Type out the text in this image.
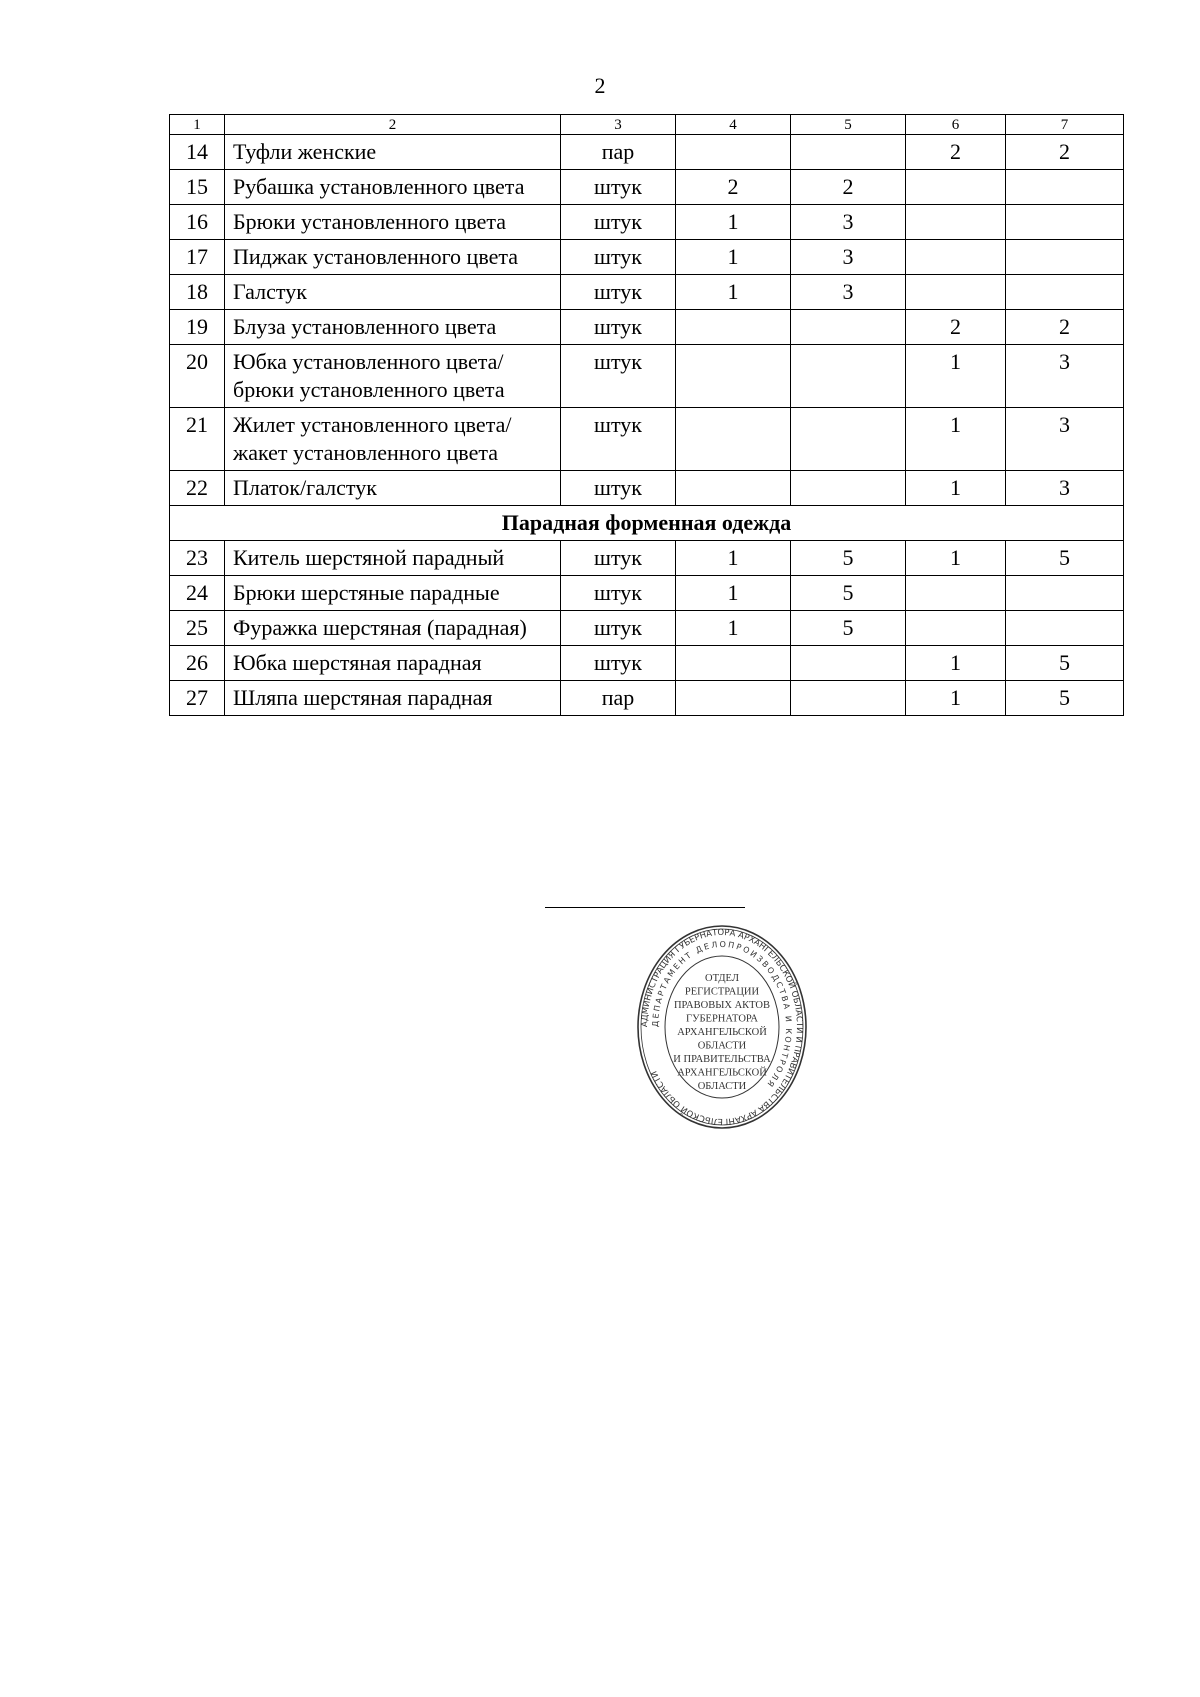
2
1	2	3	4	5	6	7
14	Туфли женские	пар			2	2
15	Рубашка установленного цвета	штук	2	2		
16	Брюки установленного цвета	штук	1	3		
17	Пиджак установленного цвета	штук	1	3		
18	Галстук	штук	1	3		
19	Блуза установленного цвета	штук			2	2
20	Юбка установленного цвета/брюки установленного цвета	штук			1	3
21	Жилет установленного цвета/жакет установленного цвета	штук			1	3
22	Платок/галстук	штук			1	3
Парадная форменная одежда						
23	Китель шерстяной парадный	штук	1	5	1	5
24	Брюки шерстяные парадные	штук	1	5		
25	Фуражка шерстяная (парадная)	штук	1	5		
26	Юбка шерстяная парадная	штук			1	5
27	Шляпа шерстяная парадная	пар			1	5
АДМИНИСТРАЦИЯ ГУБЕРНАТОРА АРХАНГЕЛЬСКОЙ ОБЛАСТИ И ПРАВИТЕЛЬСТВА АРХАНГЕЛЬСКОЙ ОБЛАСТИ
ДЕПАРТАМЕНТ ДЕЛОПРОИЗВОДСТВА И КОНТРОЛЯ
ОТДЕЛ
РЕГИСТРАЦИИ
ПРАВОВЫХ АКТОВ
ГУБЕРНАТОРА
АРХАНГЕЛЬСКОЙ
ОБЛАСТИ
И ПРАВИТЕЛЬСТВА
АРХАНГЕЛЬСКОЙ
ОБЛАСТИ
